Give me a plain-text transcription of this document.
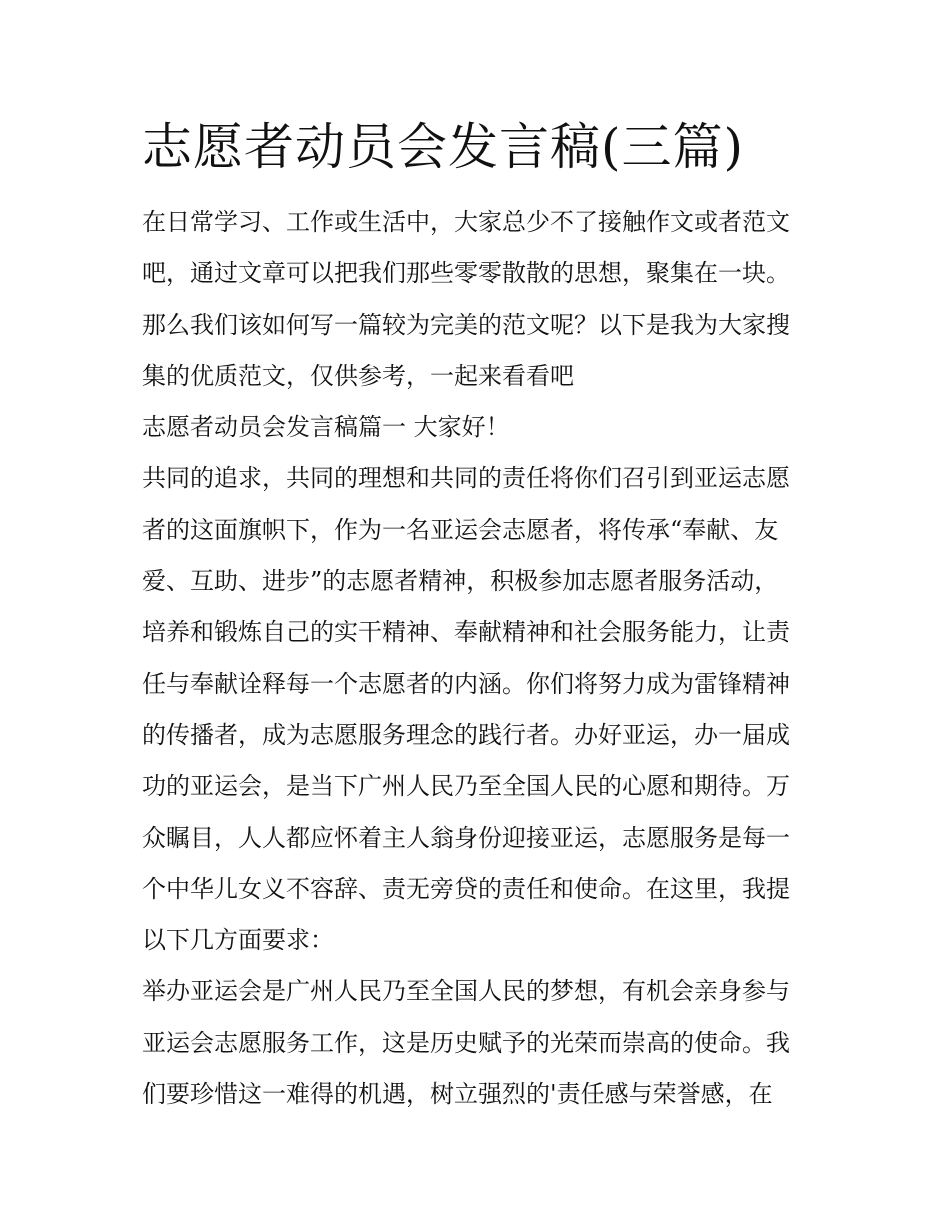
志愿者动员会发言稿(三篇)
在日常学习、工作或生活中，大家总少不了接触作文或者范文
吧，通过文章可以把我们那些零零散散的思想，聚集在一块。
那么我们该如何写一篇较为完美的范文呢？以下是我为大家搜
集的优质范文，仅供参考，一起来看看吧
志愿者动员会发言稿篇一 大家好！
共同的追求，共同的理想和共同的责任将你们召引到亚运志愿
者的这面旗帜下，作为一名亚运会志愿者，将传承“奉献、友
爱、互助、进步”的志愿者精神，积极参加志愿者服务活动，
培养和锻炼自己的实干精神、奉献精神和社会服务能力，让责
任与奉献诠释每一个志愿者的内涵。你们将努力成为雷锋精神
的传播者，成为志愿服务理念的践行者。办好亚运，办一届成
功的亚运会，是当下广州人民乃至全国人民的心愿和期待。万
众瞩目，人人都应怀着主人翁身份迎接亚运，志愿服务是每一
个中华儿女义不容辞、责无旁贷的责任和使命。在这里，我提
以下几方面要求：
举办亚运会是广州人民乃至全国人民的梦想，有机会亲身参与
亚运会志愿服务工作，这是历史赋予的光荣而崇高的使命。我
们要珍惜这一难得的机遇，树立强烈的'责任感与荣誉感，在
